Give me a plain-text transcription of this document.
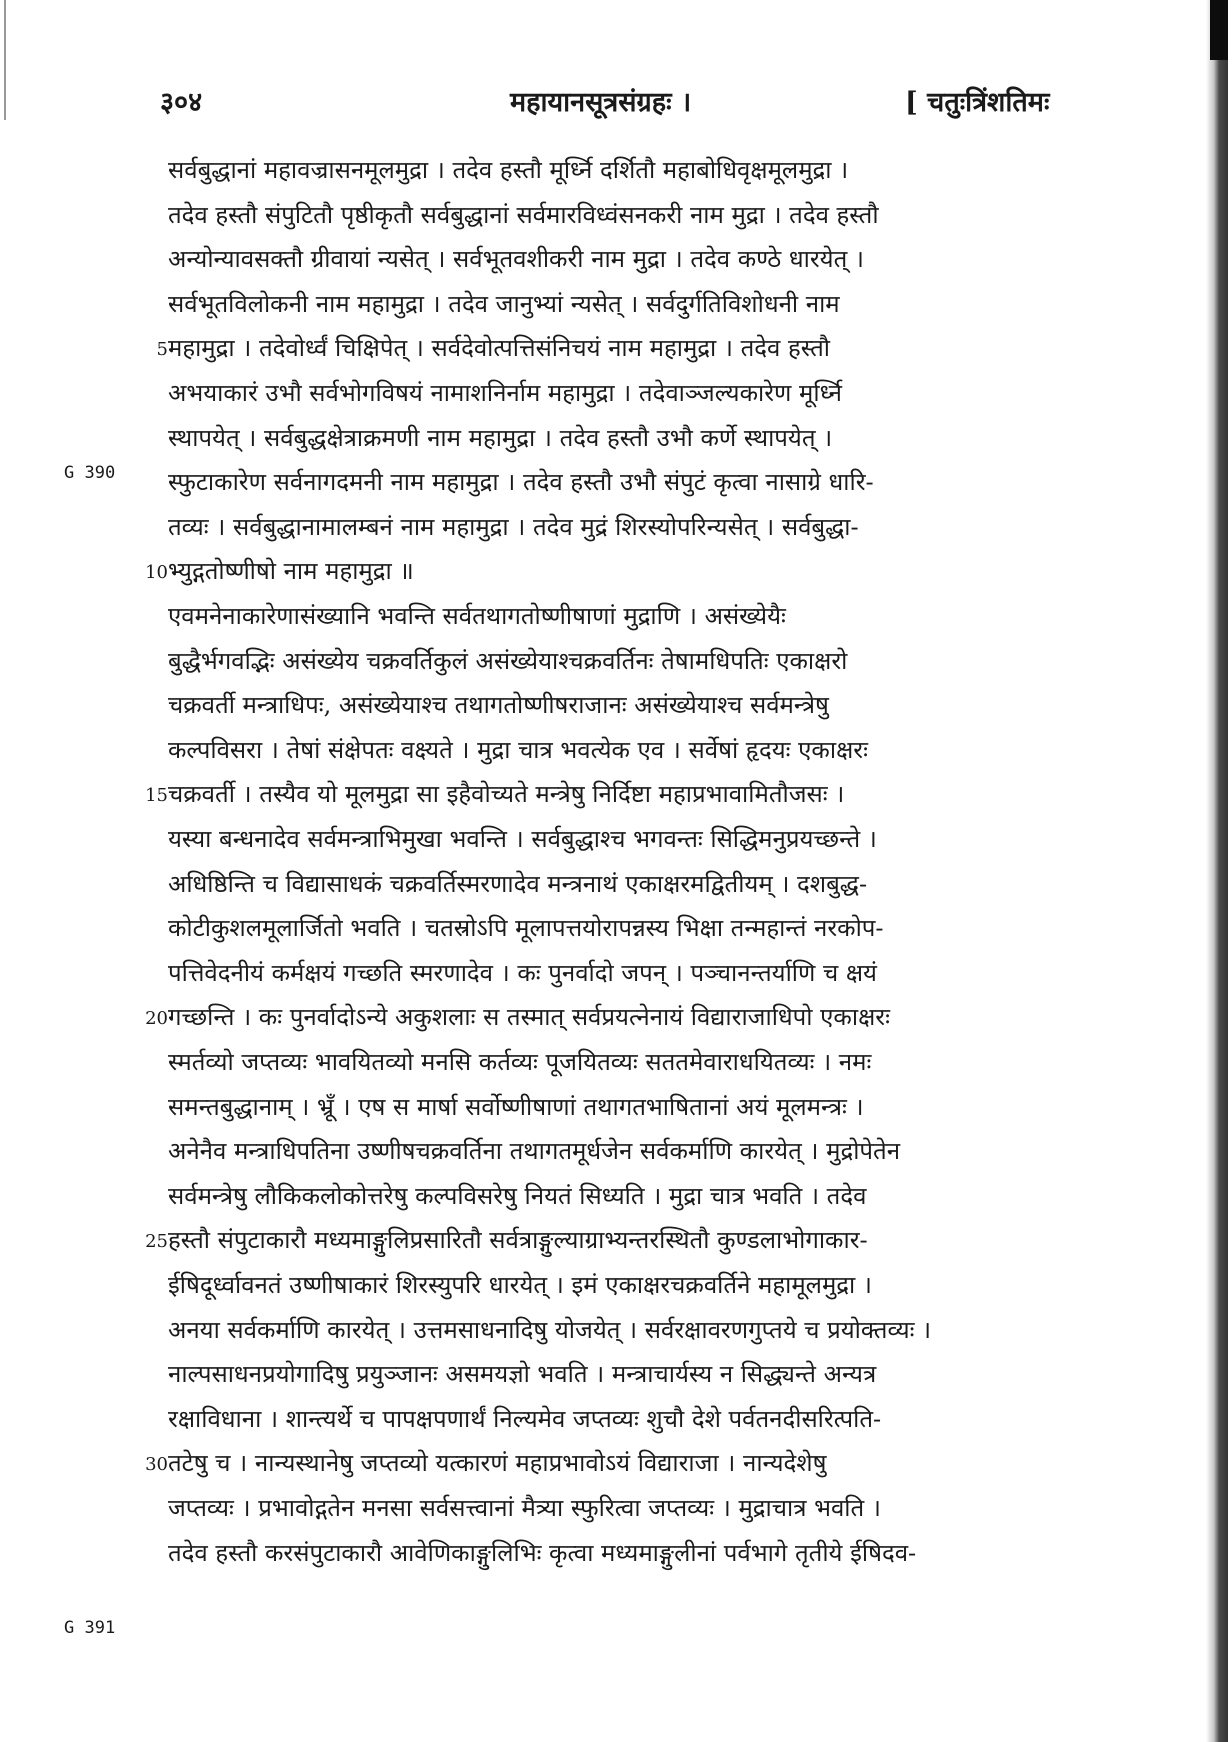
३०४	महायानसूत्रसंग्रहः ।	[ चतुःत्रिंशतिमः
G 390
G 391
सर्वबुद्धानां महावज्रासनमूलमुद्रा । तदेव हस्तौ मूर्ध्नि दर्शितौ महाबोधिवृक्षमूलमुद्रा ।
तदेव हस्तौ संपुटितौ पृष्ठीकृतौ सर्वबुद्धानां सर्वमारविध्वंसनकरी नाम मुद्रा । तदेव हस्तौ
अन्योन्यावसक्तौ ग्रीवायां न्यसेत् । सर्वभूतवशीकरी नाम मुद्रा । तदेव कण्ठे धारयेत् ।
सर्वभूतविलोकनी नाम महामुद्रा । तदेव जानुभ्यां न्यसेत् । सर्वदुर्गतिविशोधनी नाम
5 महामुद्रा । तदेवोर्ध्वं चिक्षिपेत् । सर्वदेवोत्पत्तिसंनिचयं नाम महामुद्रा । तदेव हस्तौ
अभयाकारं उभौ सर्वभोगविषयं नामाशनिर्नाम महामुद्रा । तदेवाञ्जल्यकारेण मूर्ध्नि
स्थापयेत् । सर्वबुद्धक्षेत्राक्रमणी नाम महामुद्रा । तदेव हस्तौ उभौ कर्णे स्थापयेत् ।
स्फुटाकारेण सर्वनागदमनी नाम महामुद्रा । तदेव हस्तौ उभौ संपुटं कृत्वा नासाग्रे धारि-
तव्यः । सर्वबुद्धानामालम्बनं नाम महामुद्रा । तदेव मुद्रं शिरस्योपरिन्यसेत् । सर्वबुद्धा-
10 भ्युद्गतोष्णीषो नाम महामुद्रा ॥
एवमनेनाकारेणासंख्यानि भवन्ति सर्वतथागतोष्णीषाणां मुद्राणि । असंख्येयैः
बुद्धैर्भगवद्भिः असंख्येय चक्रवर्तिकुलं असंख्येयाश्चक्रवर्तिनः तेषामधिपतिः एकाक्षरो
चक्रवर्ती मन्त्राधिपः, असंख्येयाश्च तथागतोष्णीषराजानः असंख्येयाश्च सर्वमन्त्रेषु
कल्पविसरा । तेषां संक्षेपतः वक्ष्यते । मुद्रा चात्र भवत्येक एव । सर्वेषां हृदयः एकाक्षरः
15 चक्रवर्ती । तस्यैव यो मूलमुद्रा सा इहैवोच्यते मन्त्रेषु निर्दिष्टा महाप्रभावामितौजसः ।
यस्या बन्धनादेव सर्वमन्त्राभिमुखा भवन्ति । सर्वबुद्धाश्च भगवन्तः सिद्धिमनुप्रयच्छन्ते ।
अधिष्ठिन्ति च विद्यासाधकं चक्रवर्तिस्मरणादेव मन्त्रनाथं एकाक्षरमद्वितीयम् । दशबुद्ध-
कोटीकुशलमूलार्जितो भवति । चतस्रोऽपि मूलापत्तयोरापन्नस्य भिक्षा तन्महान्तं नरकोप-
पत्तिवेदनीयं कर्मक्षयं गच्छति स्मरणादेव । कः पुनर्वादो जपन् । पञ्चानन्तर्याणि च क्षयं
20 गच्छन्ति । कः पुनर्वादोऽन्ये अकुशलाः स तस्मात् सर्वप्रयत्नेनायं विद्याराजाधिपो एकाक्षरः
स्मर्तव्यो जप्तव्यः भावयितव्यो मनसि कर्तव्यः पूजयितव्यः सततमेवाराधयितव्यः । नमः
समन्तबुद्धानाम् । भ्रूँ । एष स मार्षा सर्वोष्णीषाणां तथागतभाषितानां अयं मूलमन्त्रः ।
अनेनैव मन्त्राधिपतिना उष्णीषचक्रवर्तिना तथागतमूर्धजेन सर्वकर्माणि कारयेत् । मुद्रोपेतेन
सर्वमन्त्रेषु लौकिकलोकोत्तरेषु कल्पविसरेषु नियतं सिध्यति । मुद्रा चात्र भवति । तदेव
25 हस्तौ संपुटाकारौ मध्यमाङ्गुलिप्रसारितौ सर्वत्राङ्गुल्याग्राभ्यन्तरस्थितौ कुण्डलाभोगाकार-
ईषिदूर्ध्वावनतं उष्णीषाकारं शिरस्युपरि धारयेत् । इमं एकाक्षरचक्रवर्तिने महामूलमुद्रा ।
अनया सर्वकर्माणि कारयेत् । उत्तमसाधनादिषु योजयेत् । सर्वरक्षावरणगुप्तये च प्रयोक्तव्यः ।
नाल्पसाधनप्रयोगादिषु प्रयुञ्जानः असमयज्ञो भवति । मन्त्राचार्यस्य न सिद्ध्यन्ते अन्यत्र
रक्षाविधाना । शान्त्यर्थे च पापक्षपणार्थं निल्यमेव जप्तव्यः शुचौ देशे पर्वतनदीसरित्पति-
30 तटेषु च । नान्यस्थानेषु जप्तव्यो यत्कारणं महाप्रभावोऽयं विद्याराजा । नान्यदेशेषु
जप्तव्यः । प्रभावोद्गतेन मनसा सर्वसत्त्वानां मैत्र्या स्फुरित्वा जप्तव्यः । मुद्राचात्र भवति ।
तदेव हस्तौ करसंपुटाकारौ आवेणिकाङ्गुलिभिः कृत्वा मध्यमाङ्गुलीनां पर्वभागे तृतीये ईषिदव-
